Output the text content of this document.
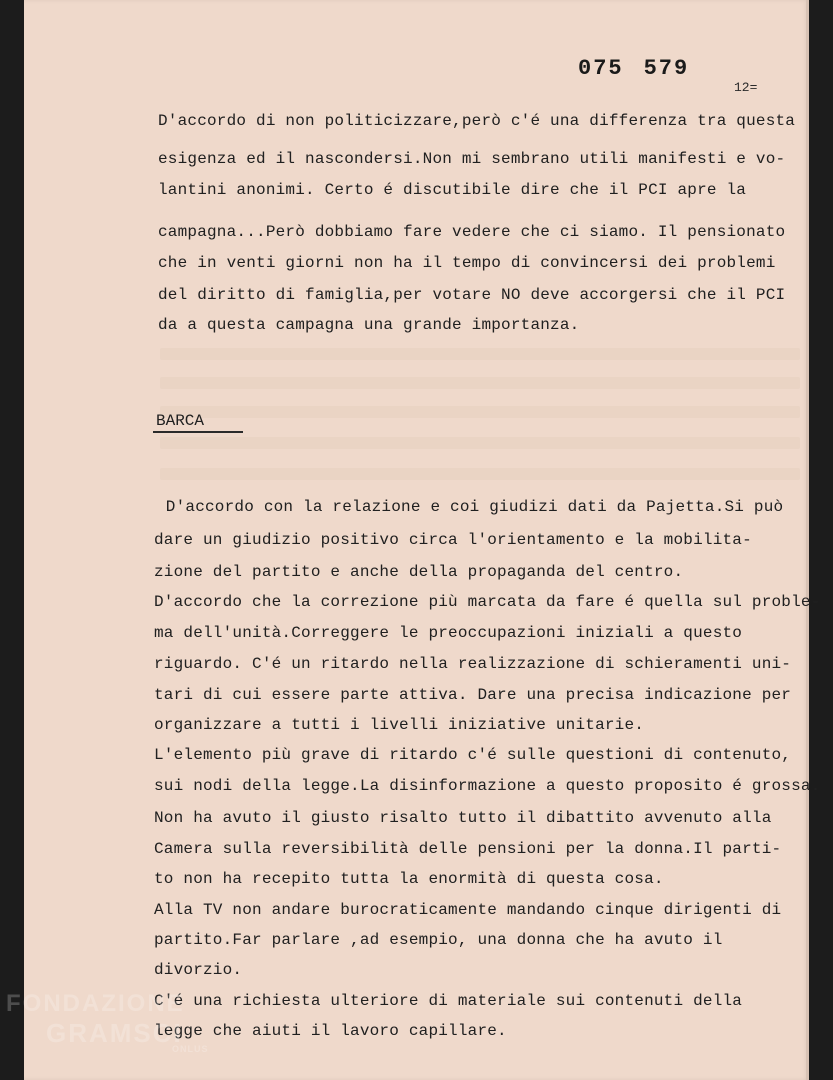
075 579
12=
D'accordo di non politicizzare,però c'é una differenza tra questa
esigenza ed il nascondersi.Non mi sembrano utili manifesti e vo-
lantini anonimi. Certo é discutibile dire che il PCI apre la
campagna...Però dobbiamo fare vedere che ci siamo. Il pensionato
che in venti giorni non ha il tempo di convincersi dei problemi
del diritto di famiglia,per votare NO deve accorgersi che il PCI
da a questa campagna una grande importanza.
BARCA
D'accordo con la relazione e coi giudizi dati da Pajetta.Si può
dare un giudizio positivo circa l'orientamento e la mobilita-
zione del partito e anche della propaganda del centro.
D'accordo che la correzione più marcata da fare é quella sul proble-
ma dell'unità.Correggere le preoccupazioni iniziali a questo
riguardo. C'é un ritardo nella realizzazione di schieramenti uni-
tari di cui essere parte attiva. Dare una precisa indicazione per
organizzare a tutti i livelli iniziative unitarie.
L'elemento più grave di ritardo c'é sulle questioni di contenuto,
sui nodi della legge.La disinformazione a questo proposito é grossa.
Non ha avuto il giusto risalto tutto il dibattito avvenuto alla
Camera sulla reversibilità delle pensioni per la donna.Il parti-
to non ha recepito tutta la enormità di questa cosa.
Alla TV non andare burocraticamente mandando cinque dirigenti di
partito.Far parlare ,ad esempio, una donna che ha avuto il
divorzio.
C'é una richiesta ulteriore di materiale sui contenuti della
legge che aiuti il lavoro capillare.
FONDAZIONE
GRAMSCI
ONLUS
